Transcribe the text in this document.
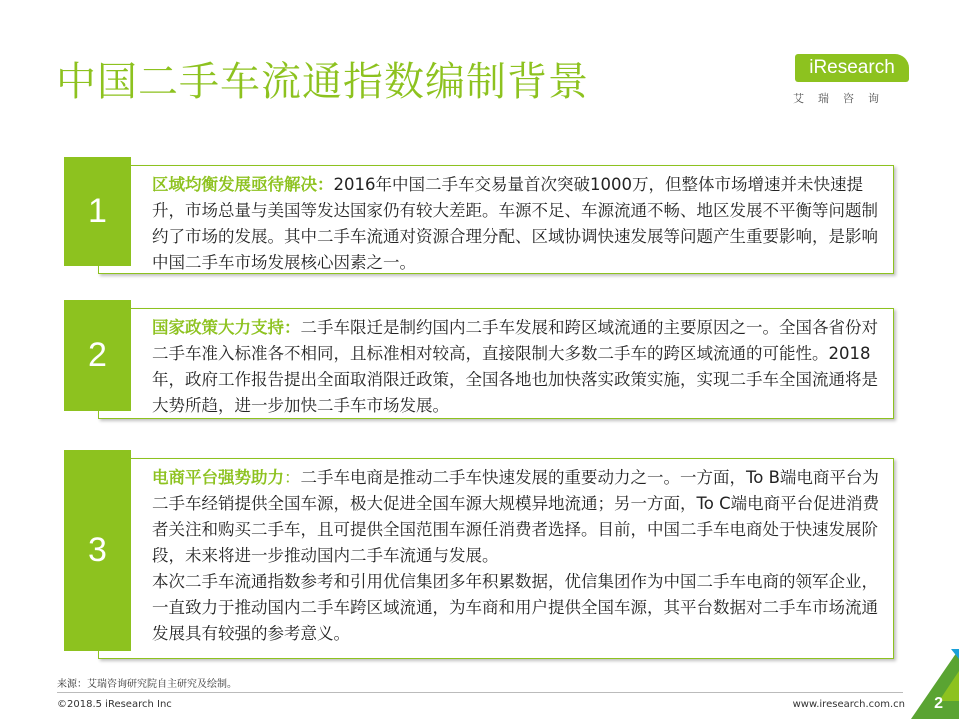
中国二手车流通指数编制背景	iResearch
艾瑞咨询
1

区域均衡发展亟待解决：2016年中国二手车交易量首次突破1000万，但整体市场增速并未快速提升，市场总量与美国等发达国家仍有较大差距。车源不足、车源流通不畅、地区发展不平衡等问题制约了市场的发展。其中二手车流通对资源合理分配、区域协调快速发展等问题产生重要影响，是影响中国二手车市场发展核心因素之一。

2

国家政策大力支持：二手车限迁是制约国内二手车发展和跨区域流通的主要原因之一。全国各省份对二手车准入标准各不相同，且标准相对较高，直接限制大多数二手车的跨区域流通的可能性。2018年，政府工作报告提出全面取消限迁政策，全国各地也加快落实政策实施，实现二手车全国流通将是大势所趋，进一步加快二手车市场发展。

3

电商平台强势助力：二手车电商是推动二手车快速发展的重要动力之一。一方面，To B端电商平台为二手车经销提供全国车源，极大促进全国车源大规模异地流通；另一方面，To C端电商平台促进消费者关注和购买二手车，且可提供全国范围车源任消费者选择。目前，中国二手车电商处于快速发展阶段，未来将进一步推动国内二手车流通与发展。

本次二手车流通指数参考和引用优信集团多年积累数据，优信集团作为中国二手车电商的领军企业，一直致力于推动国内二手车跨区域流通，为车商和用户提供全国车源，其平台数据对二手车市场流通发展具有较强的参考意义。

来源：艾瑞咨询研究院自主研究及绘制。
©2018.5 iResearch Inc	www.iresearch.com.cn 2
